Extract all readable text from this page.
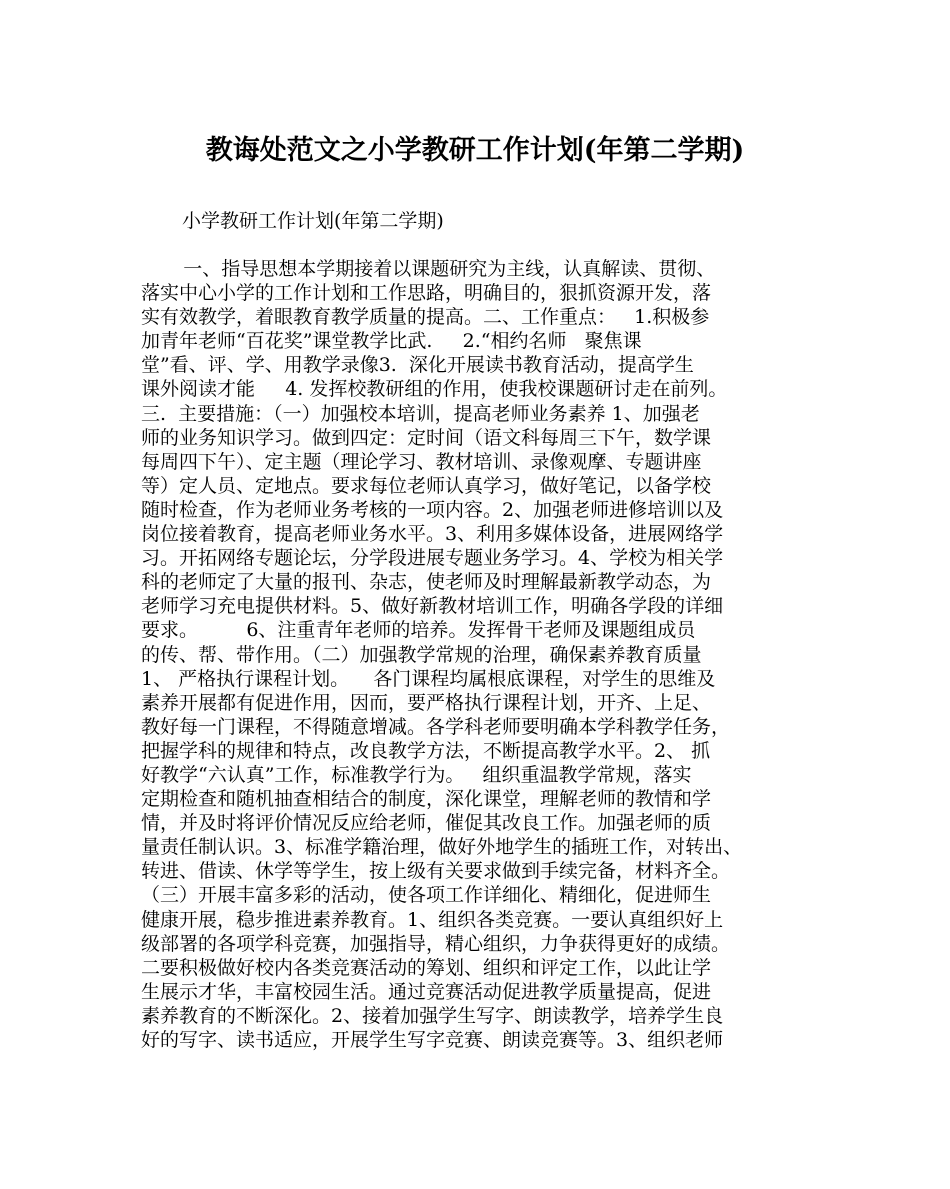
教诲处范文之小学教研工作计划(年第二学期)

小学教研工作计划(年第二学期)

一、指导思想本学期接着以课题研究为主线，认真解读、贯彻、
落实中心小学的工作计划和工作思路，明确目的，狠抓资源开发，落
实有效教学，着眼教育教学质量的提高。二、工作重点：   1.积极参
加青年老师“百花奖”课堂教学比武.     2.“相约名师   聚焦课
堂”看、评、学、用教学录像3.  深化开展读书教育活动，提高学生
课外阅读才能     4. 发挥校教研组的作用，使我校课题研讨走在前列。
三.  主要措施：（一）加强校本培训，提高老师业务素养 1、加强老
师的业务知识学习。做到四定：定时间（语文科每周三下午，数学课
每周四下午）、定主题（理论学习、教材培训、录像观摩、专题讲座
等）定人员、定地点。要求每位老师认真学习，做好笔记，以备学校
随时检查，作为老师业务考核的一项内容。2、加强老师进修培训以及
岗位接着教育，提高老师业务水平。3、利用多媒体设备，进展网络学
习。开拓网络专题论坛，分学段进展专题业务学习。4、学校为相关学
科的老师定了大量的报刊、杂志，使老师及时理解最新教学动态，为
老师学习充电提供材料。5、做好新教材培训工作，明确各学段的详细
要求。        6、注重青年老师的培养。发挥骨干老师及课题组成员
的传、帮、带作用。（二）加强教学常规的治理，确保素养教育质量
1、 严格执行课程计划。    各门课程均属根底课程，对学生的思维及
素养开展都有促进作用，因而，要严格执行课程计划，开齐、上足、
教好每一门课程，不得随意增减。各学科老师要明确本学科教学任务，
把握学科的规律和特点，改良教学方法，不断提高教学水平。2、 抓
好教学“六认真”工作，标准教学行为。   组织重温教学常规，落实
定期检查和随机抽查相结合的制度，深化课堂，理解老师的教情和学
情，并及时将评价情况反应给老师，催促其改良工作。加强老师的质
量责任制认识。3、标准学籍治理，做好外地学生的插班工作，对转出、
转进、借读、休学等学生，按上级有关要求做到手续完备，材料齐全。
（三）开展丰富多彩的活动，使各项工作详细化、精细化，促进师生
健康开展，稳步推进素养教育。1、组织各类竞赛。一要认真组织好上
级部署的各项学科竞赛，加强指导，精心组织，力争获得更好的成绩。
二要积极做好校内各类竞赛活动的筹划、组织和评定工作，以此让学
生展示才华，丰富校园生活。通过竞赛活动促进教学质量提高，促进
素养教育的不断深化。2、接着加强学生写字、朗读教学，培养学生良
好的写字、读书适应，开展学生写字竞赛、朗读竞赛等。3、组织老师
